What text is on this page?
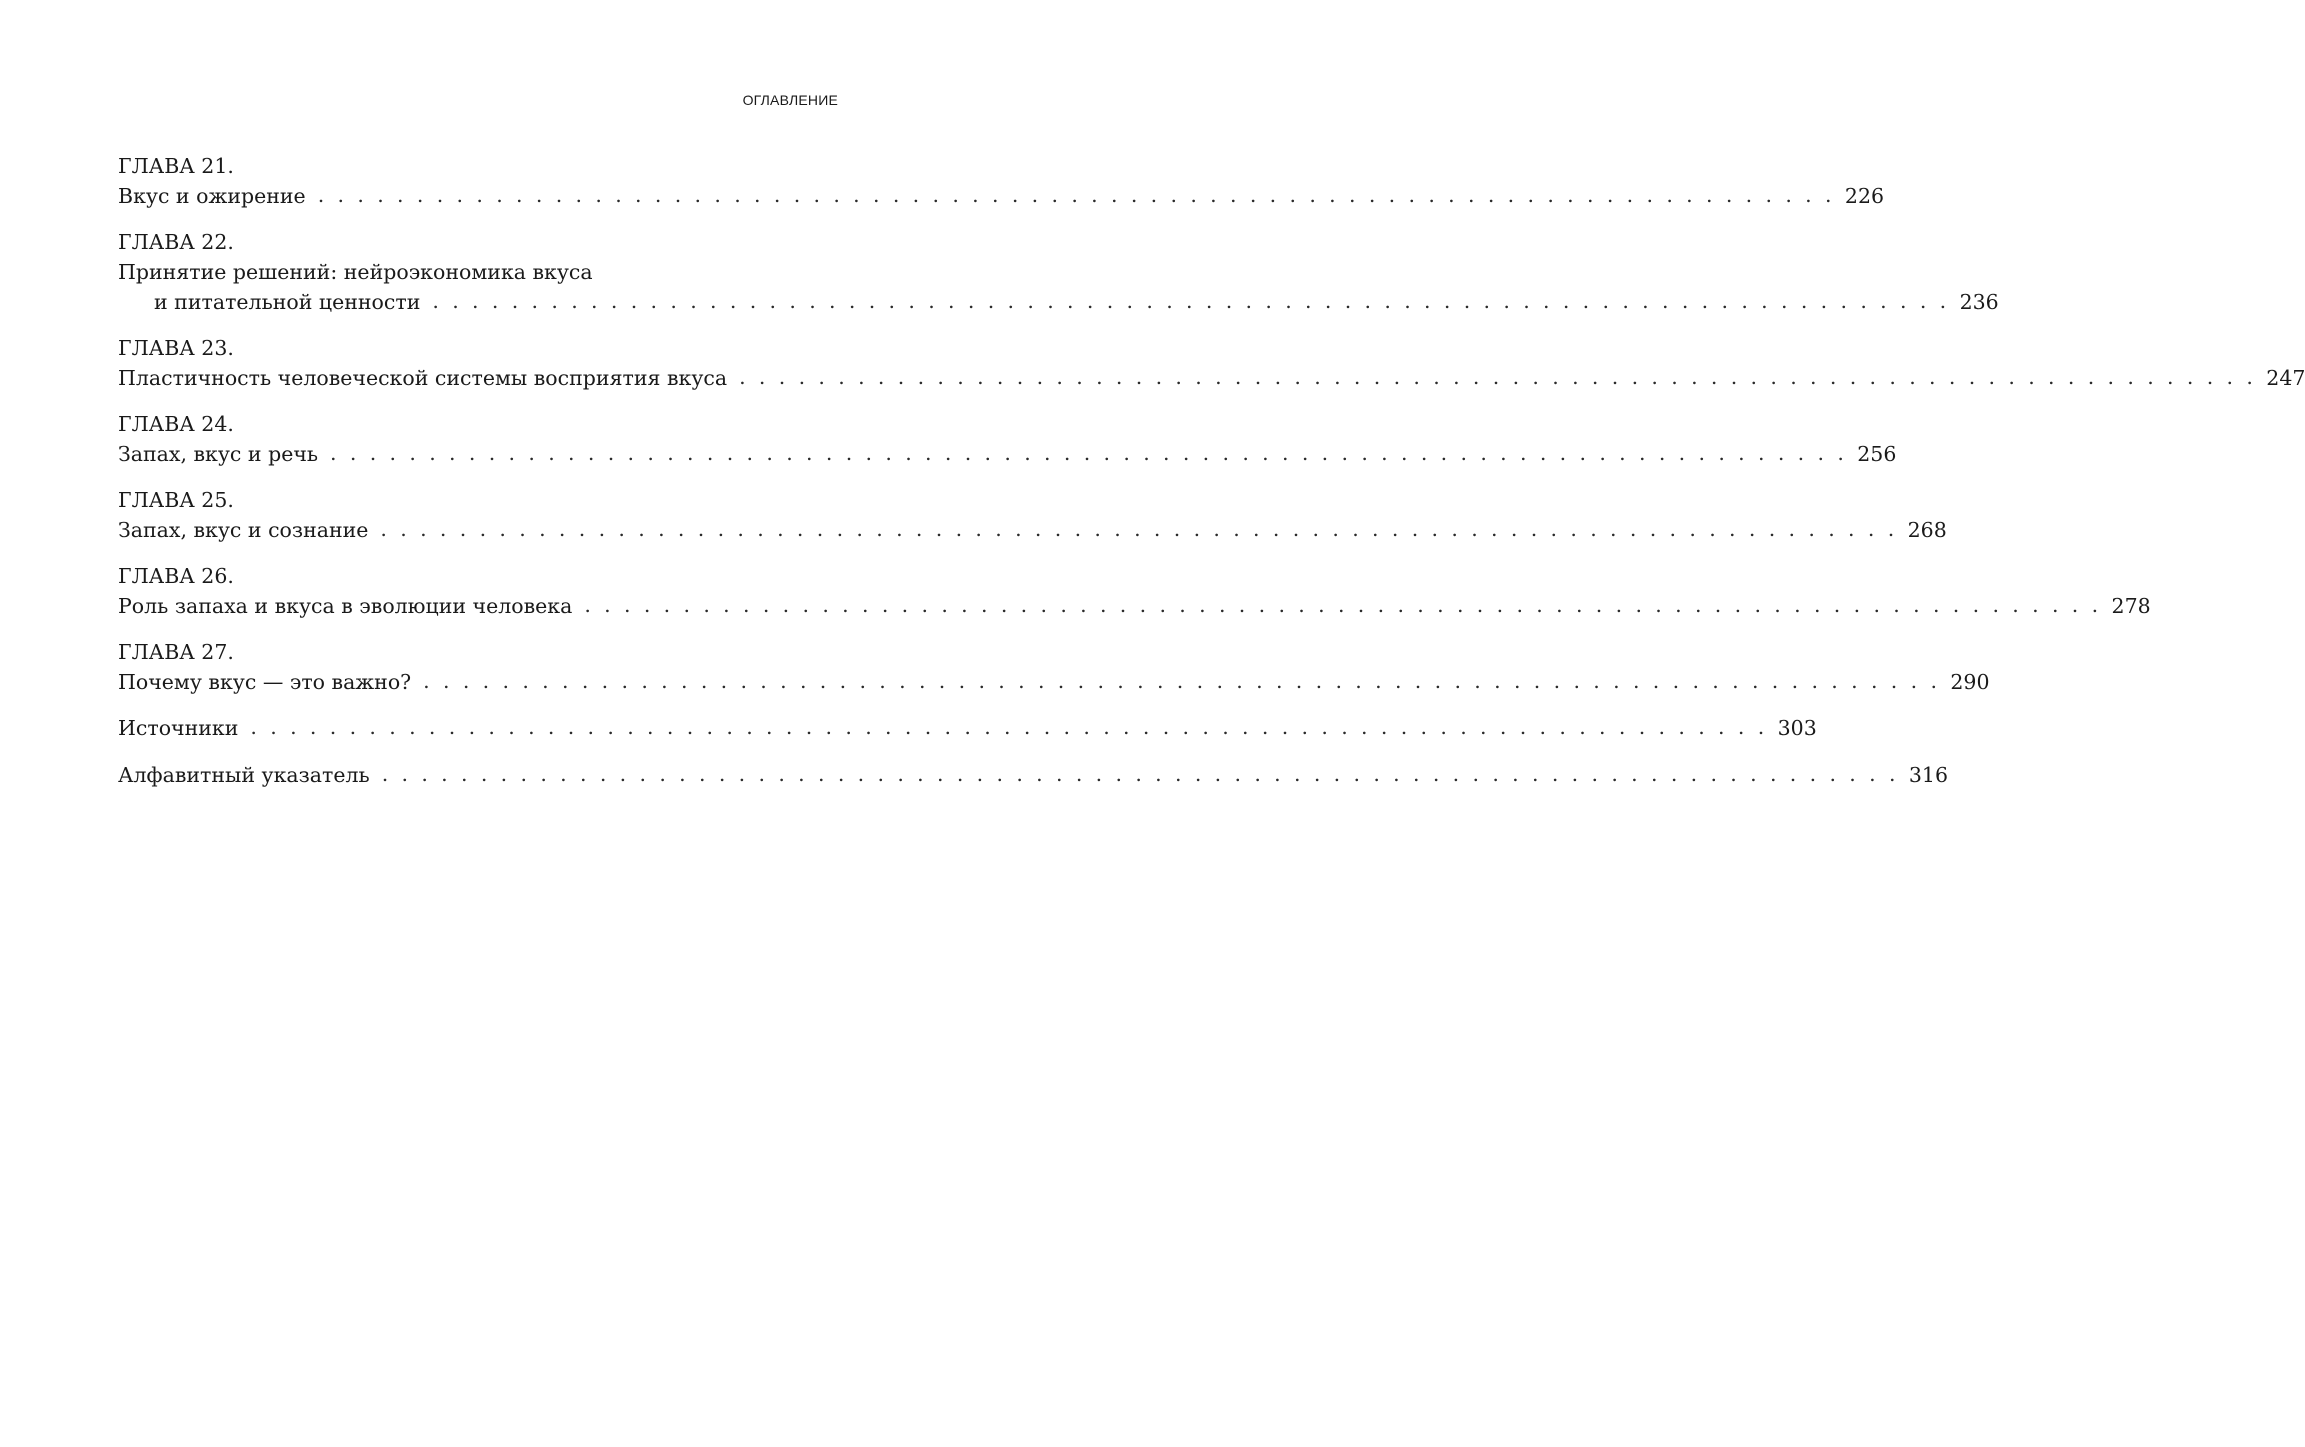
ОГЛАВЛЕНИЕ
ГЛАВА 21.
Вкус и ожирение . . . . . . . . . . . . . . . . . . . . . . . . . . . . . . . . . . . . . . . . . . . . . . . . . . . . . . . . . . . . . . . . . . . . . . . . . . . . . 226
ГЛАВА 22.
Принятие решений: нейроэкономика вкуса
и питательной ценности . . . . . . . . . . . . . . . . . . . . . . . . . . . . . . . . . . . . . . . . . . . . . . . . . . . . . . . . . . . . . . . . . . . . . . . . . . . . . 236
ГЛАВА 23.
Пластичность человеческой системы восприятия вкуса . . . . . . . . . . . . . . . . . . . . . . . . . . . . . . . . . . . . . . . . . . . . . . . . . . . . . . . . . . . . . . . . . . . . . . . . . . . . . 247
ГЛАВА 24.
Запах, вкус и речь . . . . . . . . . . . . . . . . . . . . . . . . . . . . . . . . . . . . . . . . . . . . . . . . . . . . . . . . . . . . . . . . . . . . . . . . . . . . . 256
ГЛАВА 25.
Запах, вкус и сознание . . . . . . . . . . . . . . . . . . . . . . . . . . . . . . . . . . . . . . . . . . . . . . . . . . . . . . . . . . . . . . . . . . . . . . . . . . . . . 268
ГЛАВА 26.
Роль запаха и вкуса в эволюции человека . . . . . . . . . . . . . . . . . . . . . . . . . . . . . . . . . . . . . . . . . . . . . . . . . . . . . . . . . . . . . . . . . . . . . . . . . . . . . 278
ГЛАВА 27.
Почему вкус — это важно? . . . . . . . . . . . . . . . . . . . . . . . . . . . . . . . . . . . . . . . . . . . . . . . . . . . . . . . . . . . . . . . . . . . . . . . . . . . . . 290
Источники . . . . . . . . . . . . . . . . . . . . . . . . . . . . . . . . . . . . . . . . . . . . . . . . . . . . . . . . . . . . . . . . . . . . . . . . . . . . . 303
Алфавитный указатель . . . . . . . . . . . . . . . . . . . . . . . . . . . . . . . . . . . . . . . . . . . . . . . . . . . . . . . . . . . . . . . . . . . . . . . . . . . . . 316
